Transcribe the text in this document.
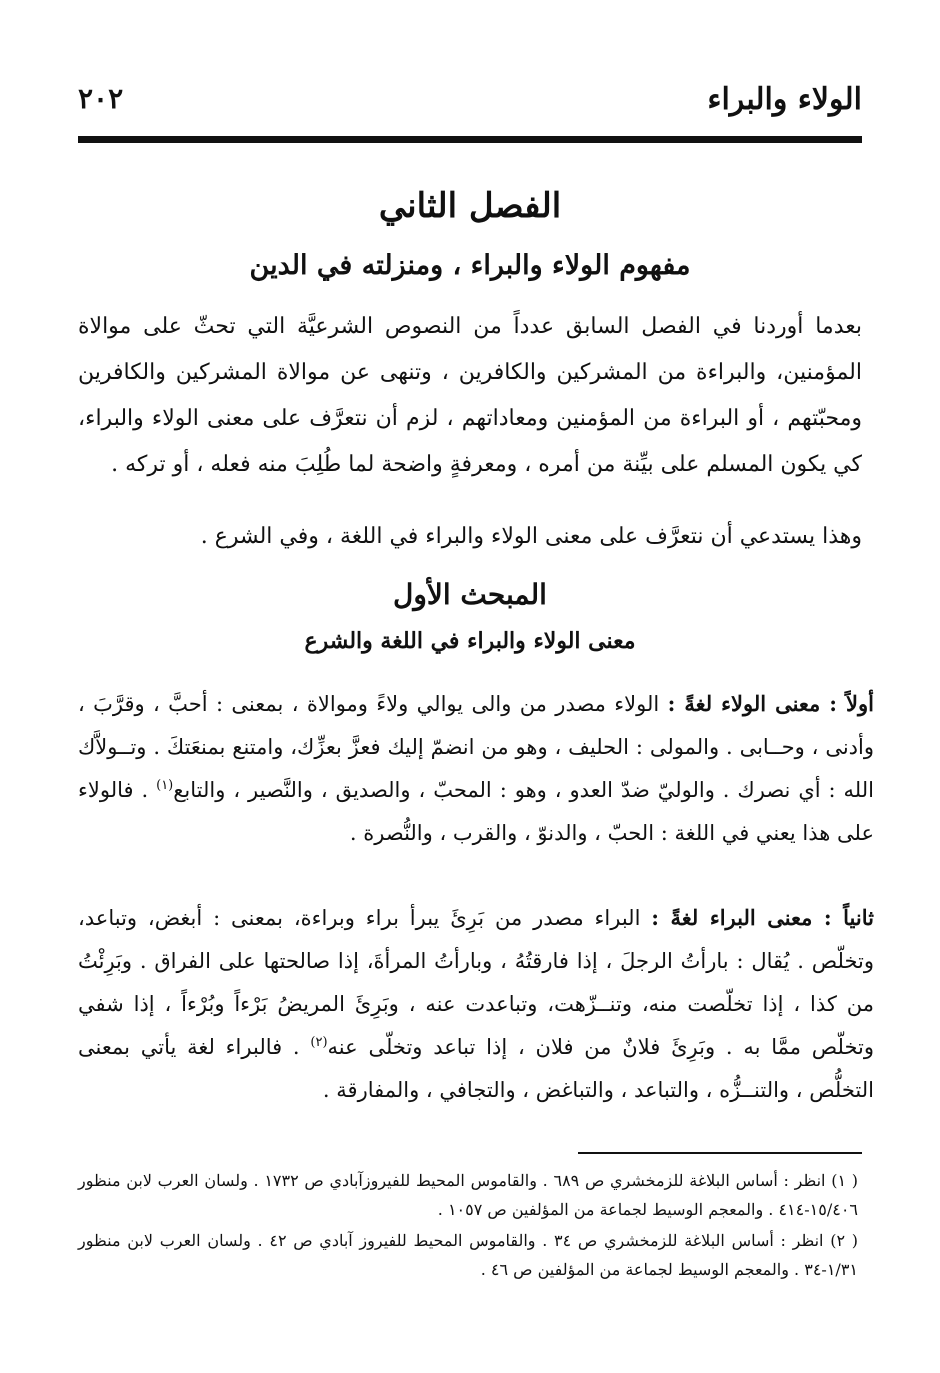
الولاء والبراء
٢٠٢
الفصل الثاني
مفهوم الولاء والبراء ، ومنزلته في الدين
بعدما أوردنا في الفصل السابق عدداً من النصوص الشرعيَّة التي تحثّ على موالاة المؤمنين، والبراءة من المشركين والكافرين ، وتنهى عن موالاة المشركين والكافرين ومحبّتهم ، أو البراءة من المؤمنين ومعاداتهم ، لزم أن نتعرَّف على معنى الولاء والبراء، كي يكون المسلم على بيِّنة من أمره ، ومعرفةٍ واضحة لما طُلِبَ منه فعله ، أو تركه .
وهذا يستدعي أن نتعرَّف على معنى الولاء والبراء في اللغة ، وفي الشرع .
المبحث الأول
معنى الولاء والبراء في اللغة والشرع
أولاً : معنى الولاء لغةً : الولاء مصدر من والى يوالي ولاءً وموالاة ، بمعنى : أحبَّ ، وقرَّبَ ، وأدنى ، وحــابى . والمولى : الحليف ، وهو من انضمّ إليك فعزَّ بعزِّك، وامتنع بمنعَتكَ . وتــولاَّك الله : أي نصرك . والوليّ ضدّ العدو ، وهو : المحبّ ، والصديق ، والنَّصير ، والتابع$^{(١)}$ . فالولاء على هذا يعني في اللغة : الحبّ ، والدنوّ ، والقرب ، والنُّصرة .
ثانياً : معنى البراء لغةً : البراء مصدر من بَرِئَ يبرأ براء وبراءة، بمعنى : أبغض، وتباعد، وتخلّص . يُقال : بارأتُ الرجلَ ، إذا فارقتُهُ ، وبارأتُ المرأةَ، إذا صالحتها على الفراق . وبَرِئْتُ من كذا ، إذا تخلّصت منه، وتنــزّهت، وتباعدت عنه ، وبَرِئَ المريضُ بَرْءاً وبُرْءاً ، إذا شفي وتخلّص ممَّا به . وبَرِئَ فلانٌ من فلان ، إذا تباعد وتخلّى عنه$^{(٢)}$ . فالبراء لغة يأتي بمعنى التخلُّص ، والتنــزُّه ، والتباعد ، والتباغض ، والتجافي ، والمفارقة .
( ١) انظر : أساس البلاغة للزمخشري ص ٦٨٩ . والقاموس المحيط للفيروزآبادي ص ١٧٣٢ . ولسان العرب لابن منظور ١٥/٤٠٦-٤١٤ . والمعجم الوسيط لجماعة من المؤلفين ص ١٠٥٧ .
( ٢) انظر : أساس البلاغة للزمخشري ص ٣٤ . والقاموس المحيط للفيروز آبادي ص ٤٢ . ولسان العرب لابن منظور ١/٣١-٣٤ . والمعجم الوسيط لجماعة من المؤلفين ص ٤٦ .
